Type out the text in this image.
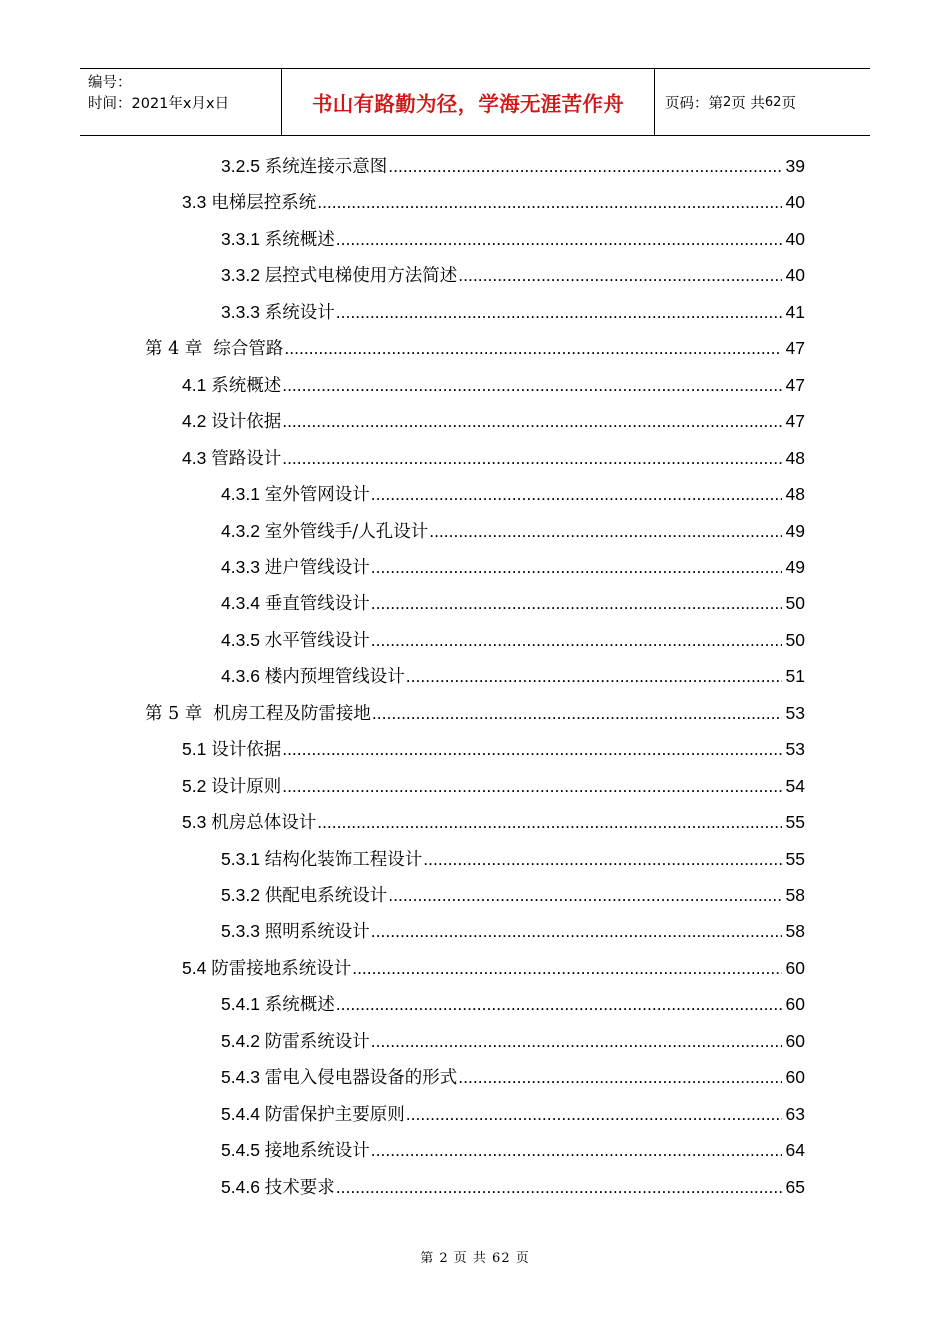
编号：
时间：2021年x月x日	书山有路勤为径，学海无涯苦作舟	页码：第 2 页 共 62 页
3.2.5 系统连接示意图 .....	39
3.3 电梯层控系统 .....	40
3.3.1 系统概述 .....	40
3.3.2 层控式电梯使用方法简述 .....	40
3.3.3 系统设计 .....	41
第 4 章  综合管路 .....	47
4.1 系统概述 .....	47
4.2 设计依据 .....	47
4.3 管路设计 .....	48
4.3.1 室外管网设计 .....	48
4.3.2 室外管线手/人孔设计 .....	49
4.3.3 进户管线设计 .....	49
4.3.4 垂直管线设计 .....	50
4.3.5 水平管线设计 .....	50
4.3.6 楼内预埋管线设计 .....	51
第 5 章  机房工程及防雷接地 .....	53
5.1 设计依据 .....	53
5.2 设计原则 .....	54
5.3 机房总体设计 .....	55
5.3.1 结构化装饰工程设计 .....	55
5.3.2 供配电系统设计 .....	58
5.3.3 照明系统设计 .....	58
5.4 防雷接地系统设计 .....	60
5.4.1 系统概述 .....	60
5.4.2 防雷系统设计 .....	60
5.4.3 雷电入侵电器设备的形式 .....	60
5.4.4 防雷保护主要原则 .....	63
5.4.5 接地系统设计 .....	64
5.4.6 技术要求 .....	65
第 2 页 共 62 页
